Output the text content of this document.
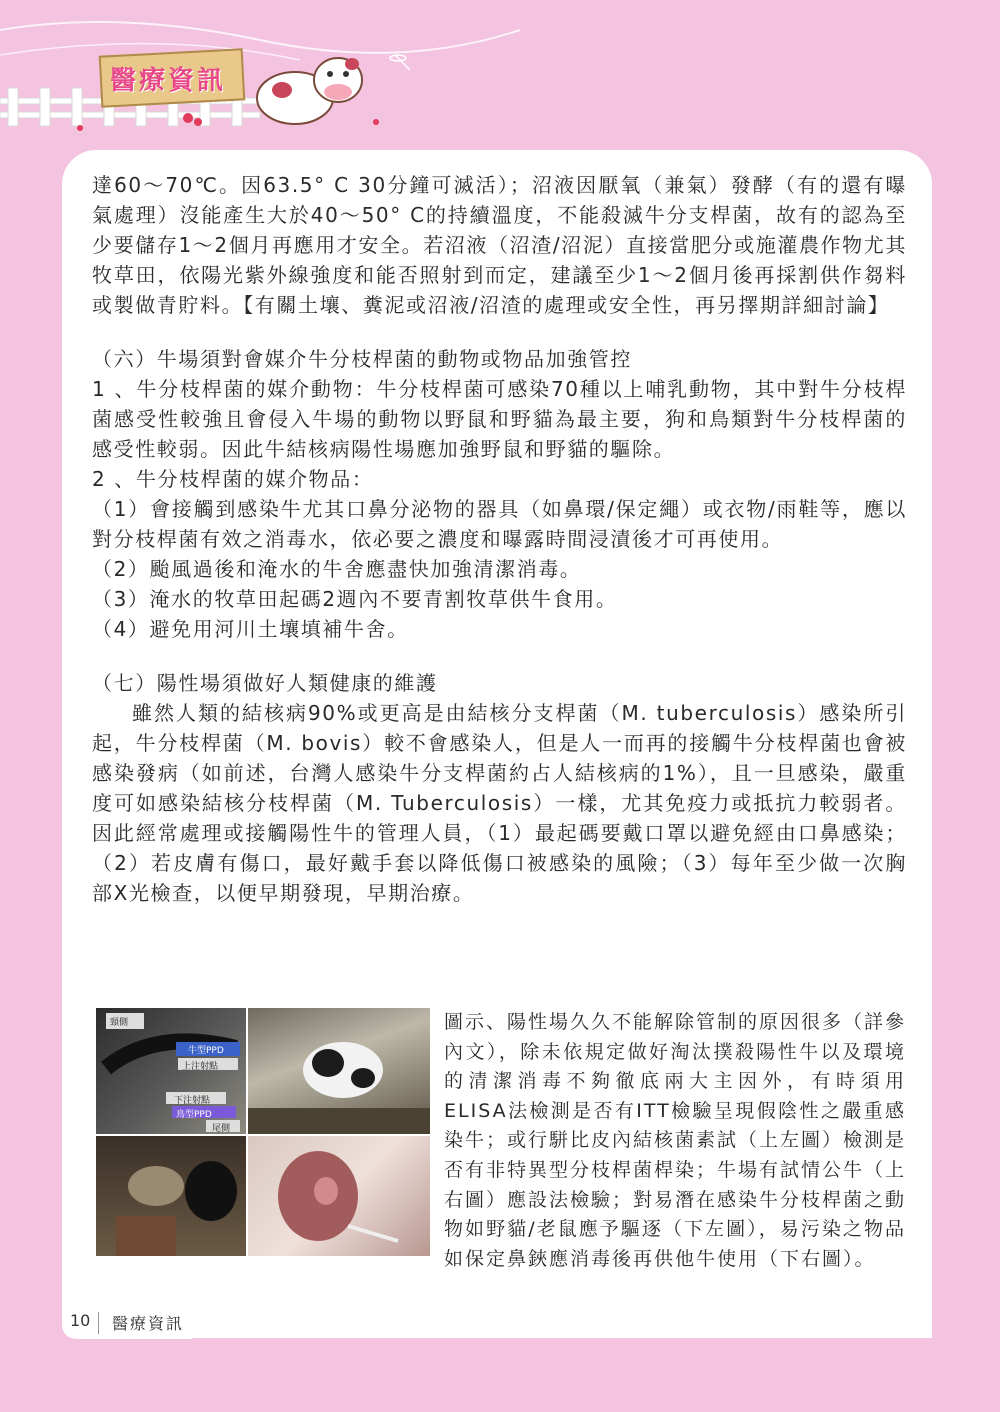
醫療資訊

達60～70℃。因63.5° C 30分鐘可滅活）；沼液因厭氧（兼氣）發酵（有的還有曝氣處理）沒能產生大於40～50° C的持續溫度，不能殺滅牛分支桿菌，故有的認為至少要儲存1～2個月再應用才安全。若沼液（沼渣/沼泥）直接當肥分或施灌農作物尤其牧草田，依陽光紫外線強度和能否照射到而定，建議至少1～2個月後再採割供作芻料或製做青貯料。【有關土壤、糞泥或沼液/沼渣的處理或安全性，再另擇期詳細討論】

（六）牛場須對會媒介牛分枝桿菌的動物或物品加強管控

1 、牛分枝桿菌的媒介動物：牛分枝桿菌可感染70種以上哺乳動物，其中對牛分枝桿菌感受性較強且會侵入牛場的動物以野鼠和野貓為最主要，狗和鳥類對牛分枝桿菌的感受性較弱。因此牛結核病陽性場應加強野鼠和野貓的驅除。

2 、牛分枝桿菌的媒介物品：

（1）會接觸到感染牛尤其口鼻分泌物的器具（如鼻環/保定繩）或衣物/雨鞋等，應以對分枝桿菌有效之消毒水，依必要之濃度和曝露時間浸漬後才可再使用。

（2）颱風過後和淹水的牛舍應盡快加強清潔消毒。

（3）淹水的牧草田起碼2週內不要青割牧草供牛食用。

（4）避免用河川土壤填補牛舍。

（七）陽性場須做好人類健康的維護

雖然人類的結核病90%或更高是由結核分支桿菌（M. tuberculosis）感染所引起，牛分枝桿菌（M. bovis）較不會感染人，但是人一而再的接觸牛分枝桿菌也會被感染發病（如前述，台灣人感染牛分支桿菌約占人結核病的1%），且一旦感染，嚴重度可如感染結核分枝桿菌（M. Tuberculosis）一樣，尤其免疫力或抵抗力較弱者。因此經常處理或接觸陽性牛的管理人員，（1）最起碼要戴口罩以避免經由口鼻感染；（2）若皮膚有傷口，最好戴手套以降低傷口被感染的風險；（3）每年至少做一次胸部X光檢查，以便早期發現，早期治療。

頸側
牛型PPD
上注射點
下注射點
鳥型PPD
尾側

圖示、陽性場久久不能解除管制的原因很多（詳參內文），除未依規定做好淘汰撲殺陽性牛以及環境的清潔消毒不夠徹底兩大主因外，有時須用ELISA法檢測是否有ITT檢驗呈現假陰性之嚴重感染牛；或行駢比皮內結核菌素試（上左圖）檢測是否有非特異型分枝桿菌桿染；牛場有試情公牛（上右圖）應設法檢驗；對易潛在感染牛分枝桿菌之動物如野貓/老鼠應予驅逐（下左圖），易污染之物品如保定鼻鋏應消毒後再供他牛使用（下右圖）。

10 醫療資訊
